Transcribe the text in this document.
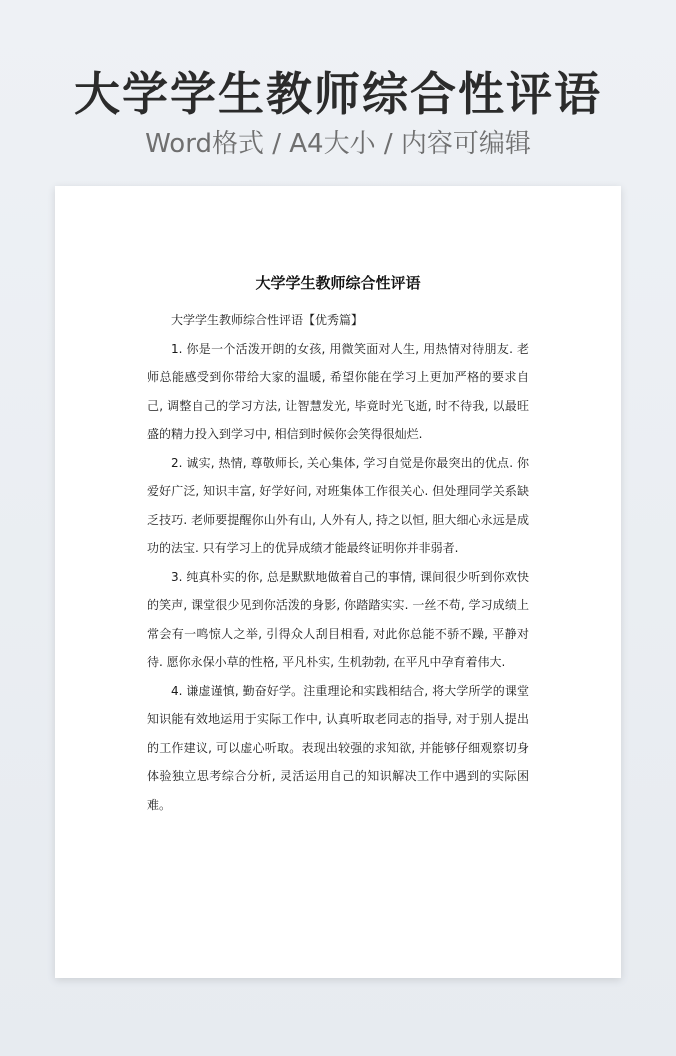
大学学生教师综合性评语
Word格式 / A4大小 / 内容可编辑
大学学生教师综合性评语

大学学生教师综合性评语【优秀篇】

1. 你是一个活泼开朗的女孩, 用微笑面对人生, 用热情对待朋友. 老师总能感受到你带给大家的温暖, 希望你能在学习上更加严格的要求自己, 调整自己的学习方法, 让智慧发光, 毕竟时光飞逝, 时不待我, 以最旺盛的精力投入到学习中, 相信到时候你会笑得很灿烂.

2. 诚实, 热情, 尊敬师长, 关心集体, 学习自觉是你最突出的优点. 你爱好广泛, 知识丰富, 好学好问, 对班集体工作很关心. 但处理同学关系缺乏技巧. 老师要提醒你山外有山, 人外有人, 持之以恒, 胆大细心永远是成功的法宝. 只有学习上的优异成绩才能最终证明你并非弱者.

3. 纯真朴实的你, 总是默默地做着自己的事情, 课间很少听到你欢快的笑声, 课堂很少见到你活泼的身影, 你踏踏实实. 一丝不苟, 学习成绩上常会有一鸣惊人之举, 引得众人刮目相看, 对此你总能不骄不躁, 平静对待. 愿你永保小草的性格, 平凡朴实, 生机勃勃, 在平凡中孕育着伟大.

4. 谦虚谨慎, 勤奋好学。注重理论和实践相结合, 将大学所学的课堂知识能有效地运用于实际工作中, 认真听取老同志的指导, 对于别人提出的工作建议, 可以虚心听取。表现出较强的求知欲, 并能够仔细观察切身体验独立思考综合分析, 灵活运用自己的知识解决工作中遇到的实际困难。
